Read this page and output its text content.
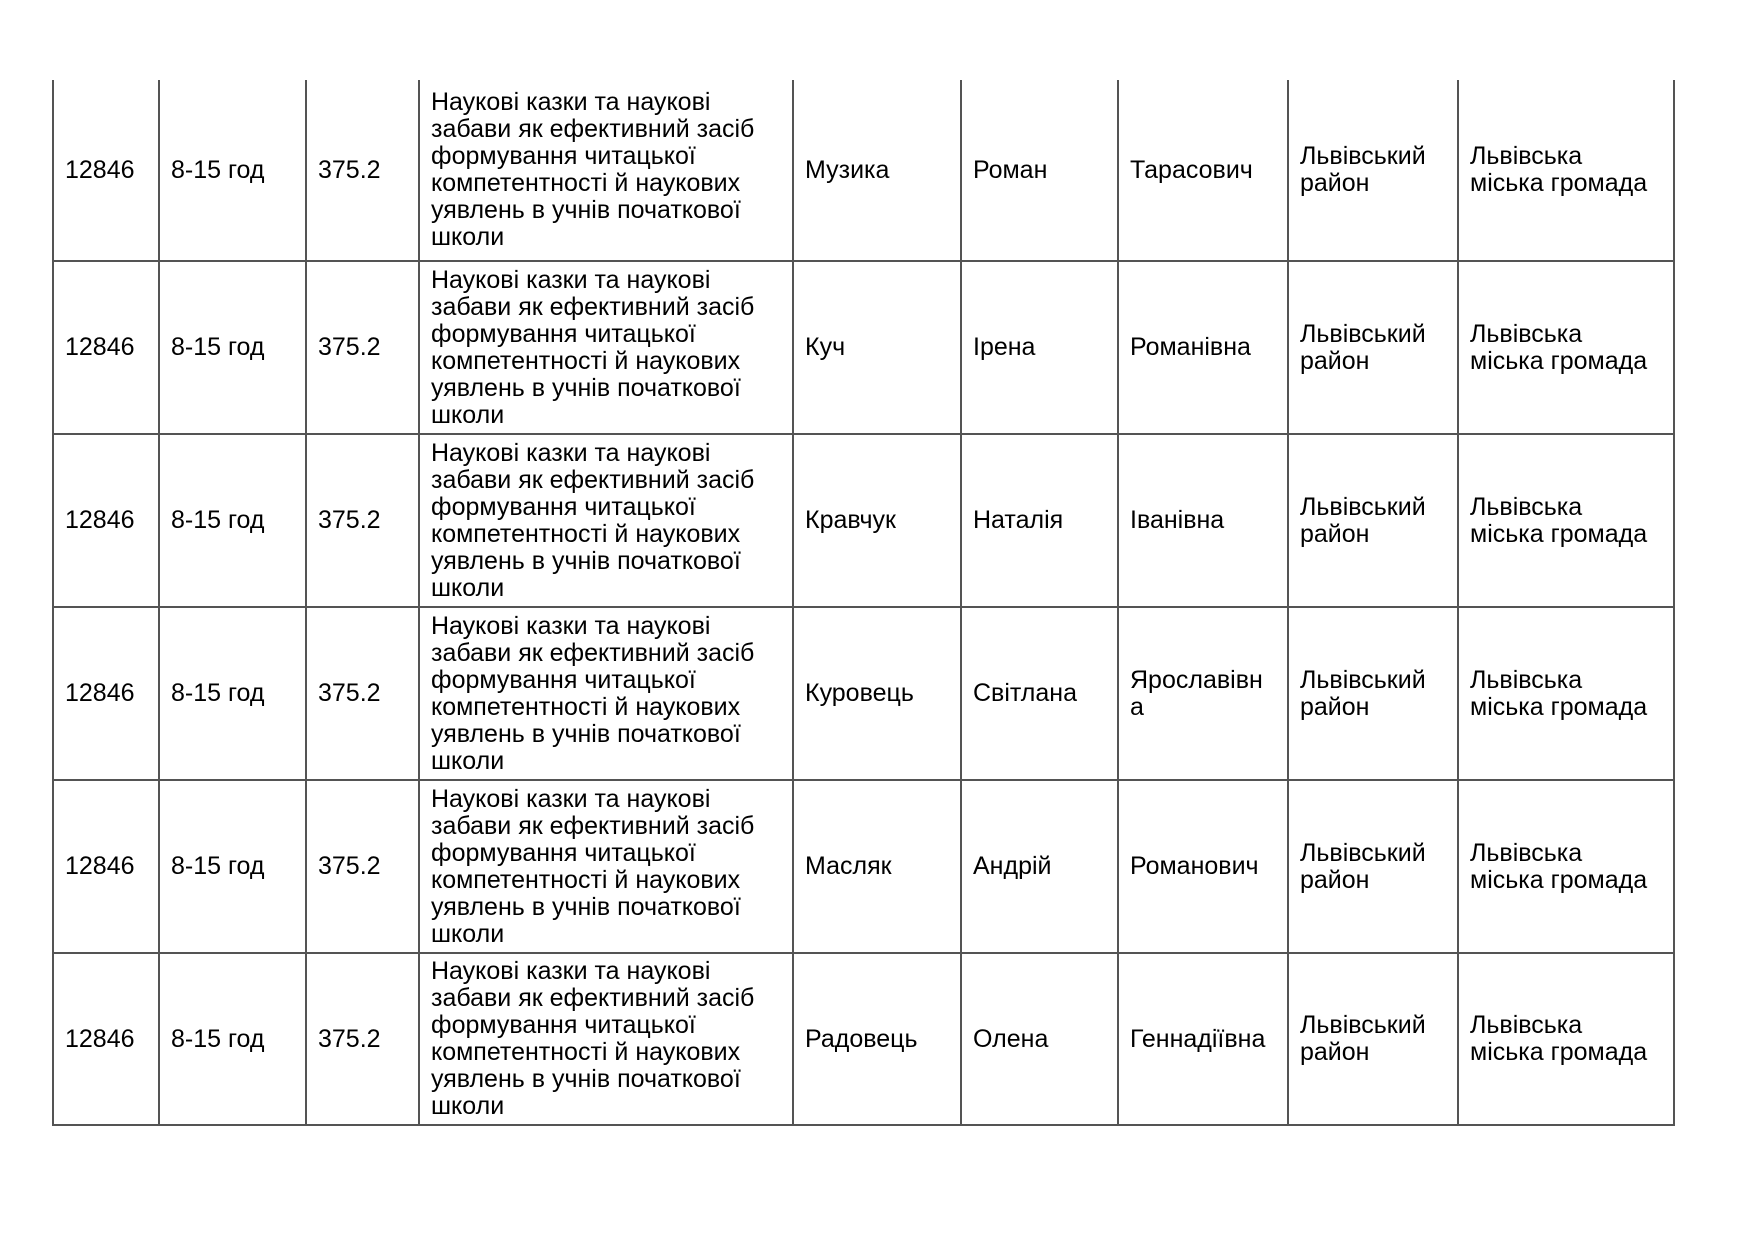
12846	8-15 год	375.2	Наукові казки та наукові забави як ефективний засіб формування читацької компетентності й наукових уявлень в учнів початкової школи	Музика	Роман	Тарасович	Львівський район	Львівська міська громада
12846	8-15 год	375.2	Наукові казки та наукові забави як ефективний засіб формування читацької компетентності й наукових уявлень в учнів початкової школи	Куч	Ірена	Романівна	Львівський район	Львівська міська громада
12846	8-15 год	375.2	Наукові казки та наукові забави як ефективний засіб формування читацької компетентності й наукових уявлень в учнів початкової школи	Кравчук	Наталія	Іванівна	Львівський район	Львівська міська громада
12846	8-15 год	375.2	Наукові казки та наукові забави як ефективний засіб формування читацької компетентності й наукових уявлень в учнів початкової школи	Куровець	Світлана	Ярославівна	Львівський район	Львівська міська громада
12846	8-15 год	375.2	Наукові казки та наукові забави як ефективний засіб формування читацької компетентності й наукових уявлень в учнів початкової школи	Масляк	Андрій	Романович	Львівський район	Львівська міська громада
12846	8-15 год	375.2	Наукові казки та наукові забави як ефективний засіб формування читацької компетентності й наукових уявлень в учнів початкової школи	Радовець	Олена	Геннадіївна	Львівський район	Львівська міська громада
